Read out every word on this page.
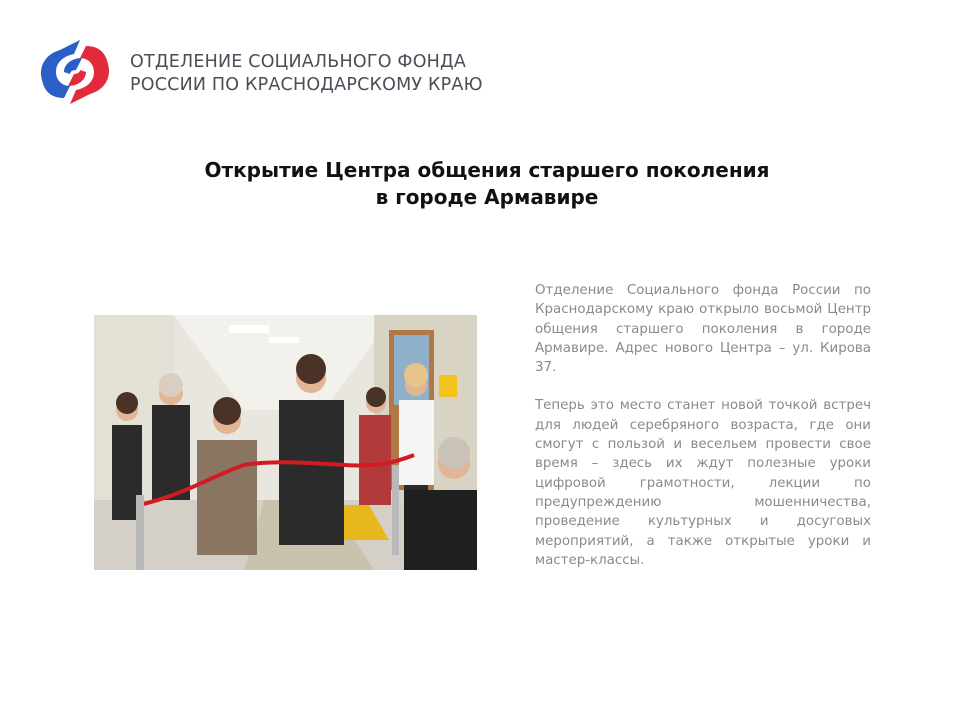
ОТДЕЛЕНИЕ СОЦИАЛЬНОГО ФОНДА
РОССИИ ПО КРАСНОДАРСКОМУ КРАЮ
Открытие Центра общения старшего поколения
в городе Армавире

Отделение Социального фонда России по Краснодарскому краю открыло восьмой Центр общения старшего поколения в городе Армавире. Адрес нового Центра – ул. Кирова 37.

Теперь это место станет новой точкой встреч для людей серебряного возраста, где они смогут с пользой и весельем провести свое время – здесь их ждут полезные уроки цифровой грамотности, лекции по предупреждению мошенничества, проведение культурных и досуговых мероприятий, а также открытые уроки и мастер-классы.
